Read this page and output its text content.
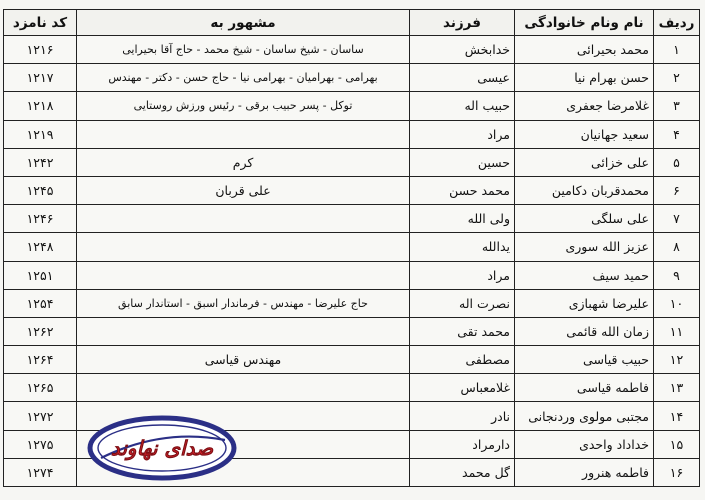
ردیف	نام ونام خانوادگی	فرزند	مشهور به	کد نامزد
۱	محمد بحیرائی	خدابخش	ساسان - شیخ ساسان - شیخ محمد - حاج آقا بحیرایی	۱۲۱۶
۲	حسن بهرام نیا	عیسی	بهرامی - بهرامیان - بهرامی نیا - حاج حسن - دکتر - مهندس	۱۲۱۷
۳	غلامرضا جعفری	حبیب اله	توکل - پسر حبیب برقی - رئیس ورزش روستایی	۱۲۱۸
۴	سعید جهانیان	مراد		۱۲۱۹
۵	علی خزائی	حسین	کرم	۱۲۴۲
۶	محمدقربان دکامین	محمد حسن	علی قربان	۱۲۴۵
۷	علی سلگی	ولی الله		۱۲۴۶
۸	عزیز الله سوری	یدالله		۱۲۴۸
۹	حمید سیف	مراد		۱۲۵۱
۱۰	علیرضا شهبازی	نصرت اله	حاج علیرضا - مهندس - فرماندار اسبق - استاندار سابق	۱۲۵۴
۱۱	زمان الله قائمی	محمد تقی		۱۲۶۲
۱۲	حبیب قیاسی	مصطفی	مهندس قیاسی	۱۲۶۴
۱۳	فاطمه قیاسی	غلامعباس		۱۲۶۵
۱۴	مجتبی مولوی وردنجانی	نادر		۱۲۷۲
۱۵	خداداد واحدی	دارمراد		۱۲۷۵
۱۶	فاطمه هنرور	گل محمد		۱۲۷۴
صدای نهاوند
